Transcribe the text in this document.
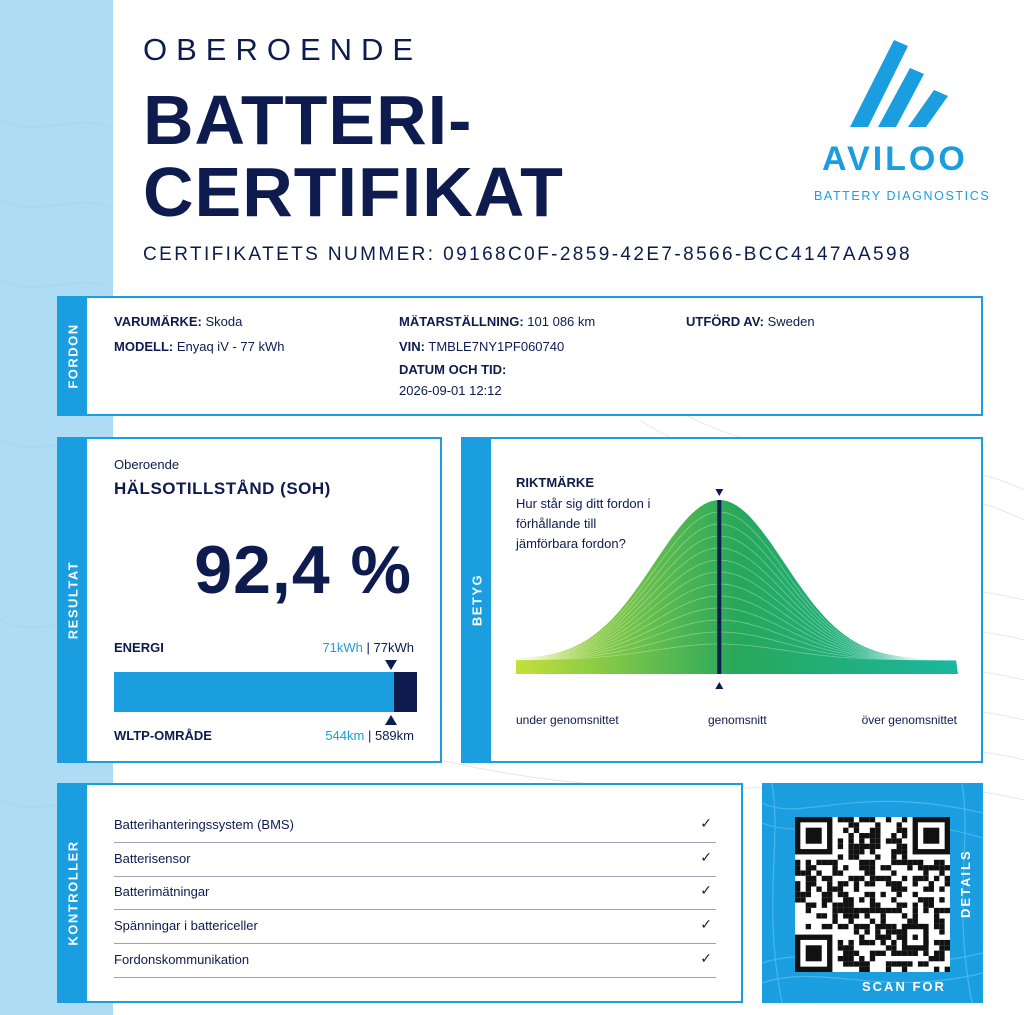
OBEROENDE
BATTERI-
CERTIFIKAT
CERTIFIKATETS NUMMER: 09168C0F-2859-42E7-8566-BCC4147AA598
AVILOO
BATTERY DIAGNOSTICS
FORDON
VARUMÄRKE: Skoda
MODELL: Enyaq iV - 77 kWh
MÄTARSTÄLLNING: 101 086 km
VIN: TMBLE7NY1PF060740
DATUM OCH TID:
2026-09-01 12:12
UTFÖRD AV: Sweden
RESULTAT
Oberoende
HÄLSOTILLSTÅND (SOH)
92,4 %
ENERGI	71kWh | 77kWh
WLTP-OMRÅDE	544km | 589km
BETYG
RIKTMÄRKE
Hur står sig ditt fordon i
förhållande till
jämförbara fordon?
under genomsnittet	genomsnitt	över genomsnittet
KONTROLLER
Batterihanteringssystem (BMS)	✓
Batterisensor	✓
Batterimätningar	✓
Spänningar i battericeller	✓
Fordonskommunikation	✓
SCAN FOR
DETAILS
